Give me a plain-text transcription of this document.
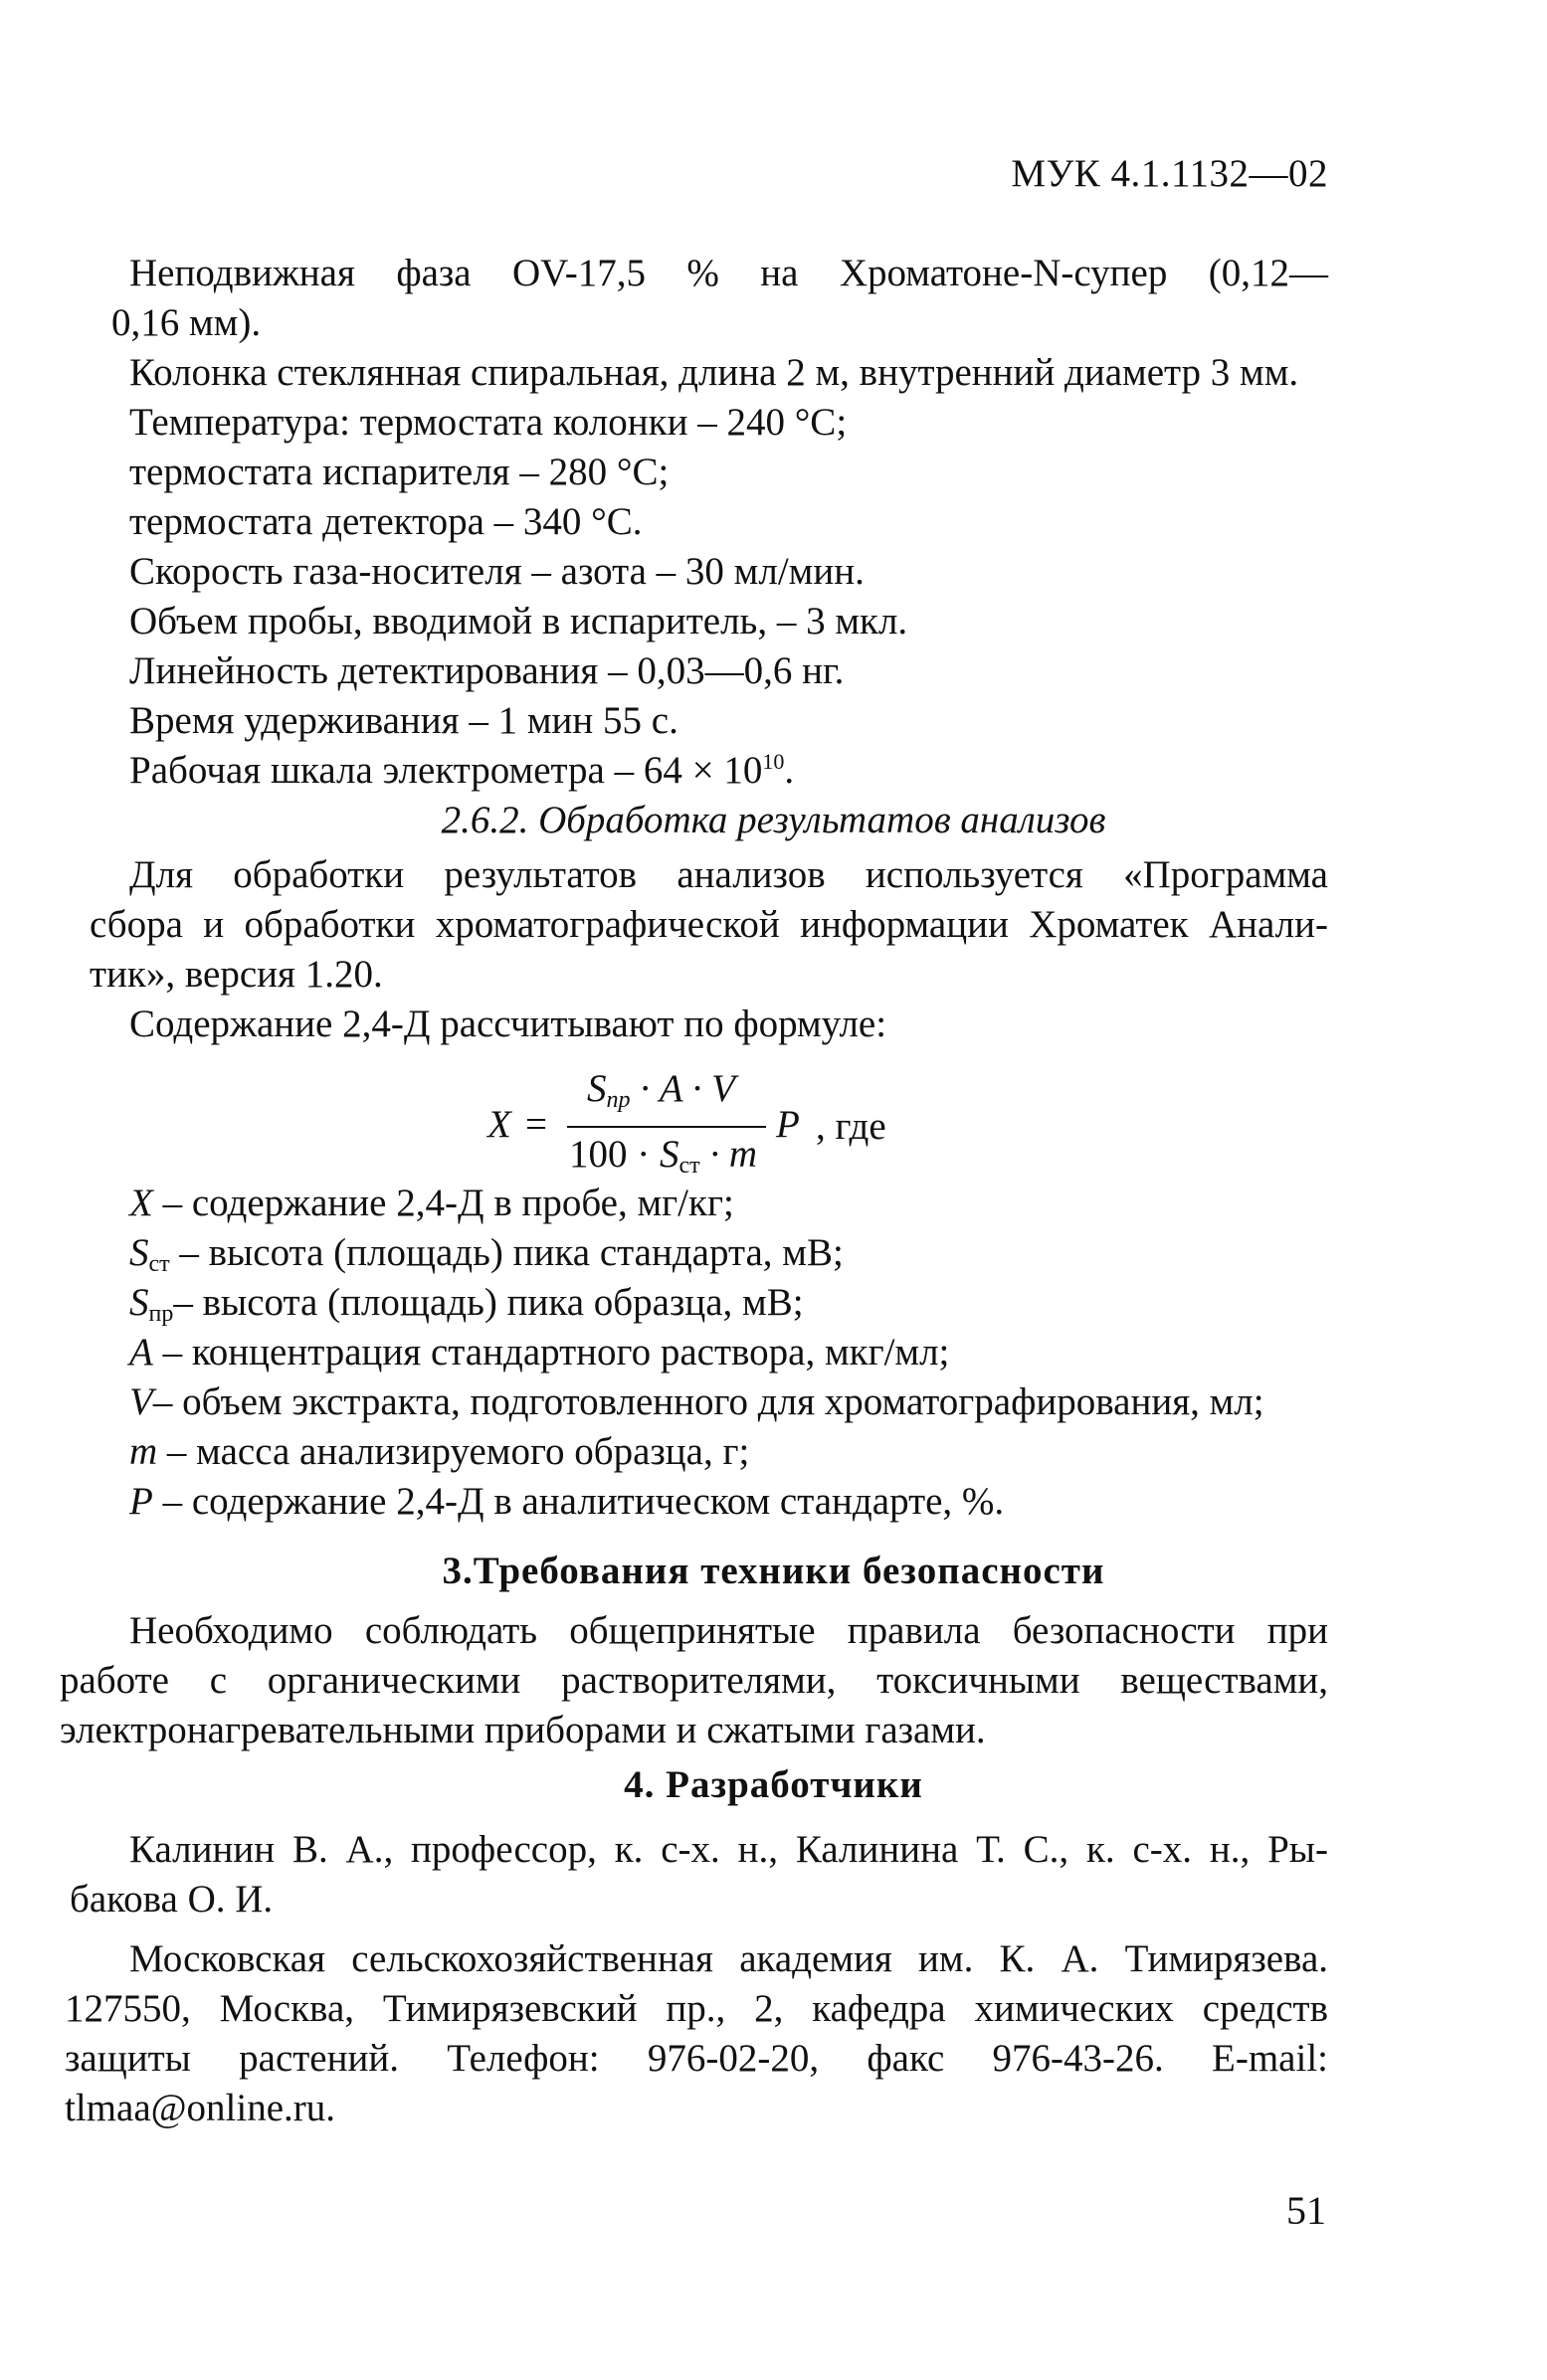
МУК 4.1.1132—02
Неподвижная фаза OV-17,5 % на Хроматоне-N-супер (0,12—
0,16 мм).
Колонка стеклянная спиральная, длина 2 м, внутренний диаметр 3 мм.
Температура: термостата колонки – 240 °С;
термостата испарителя – 280 °С;
термостата детектора – 340 °С.
Скорость газа-носителя – азота – 30 мл/мин.
Объем пробы, вводимой в испаритель, – 3 мкл.
Линейность детектирования – 0,03—0,6 нг.
Время удерживания – 1 мин 55 с.
Рабочая шкала электрометра – $64 \times 10^{10}$.
2.6.2. Обработка результатов анализов
Для обработки результатов анализов используется «Программа
сбора и обработки хроматографической информации Хроматек Анали-
тик», версия 1.20.
Содержание 2,4-Д рассчитывают по формуле:
X =
$S_{пр} \cdot A \cdot V$
$100 \cdot S_{ст} \cdot m$
P , где
X – содержание 2,4-Д в пробе, мг/кг;
$S_{ст}$ – высота (площадь) пика стандарта, мВ;
$S_{пр}-$ высота (площадь) пика образца, мВ;
A – концентрация стандартного раствора, мкг/мл;
V– объем экстракта, подготовленного для хроматографирования, мл;
m – масса анализируемого образца, г;
P – содержание 2,4-Д в аналитическом стандарте, %.
3.Требования техники безопасности
Необходимо соблюдать общепринятые правила безопасности при
работе с органическими растворителями, токсичными веществами,
электронагревательными приборами и сжатыми газами.
4. Разработчики
Калинин В. А., профессор, к. с-х. н., Калинина Т. С., к. с-х. н., Ры-
бакова О. И.
Московская сельскохозяйственная академия им. К. А. Тимирязева.
127550, Москва, Тимирязевский пр., 2, кафедра химических средств
защиты растений. Телефон: 976-02-20, факс 976-43-26. E-mail:
tlmaa@online.ru.
51
